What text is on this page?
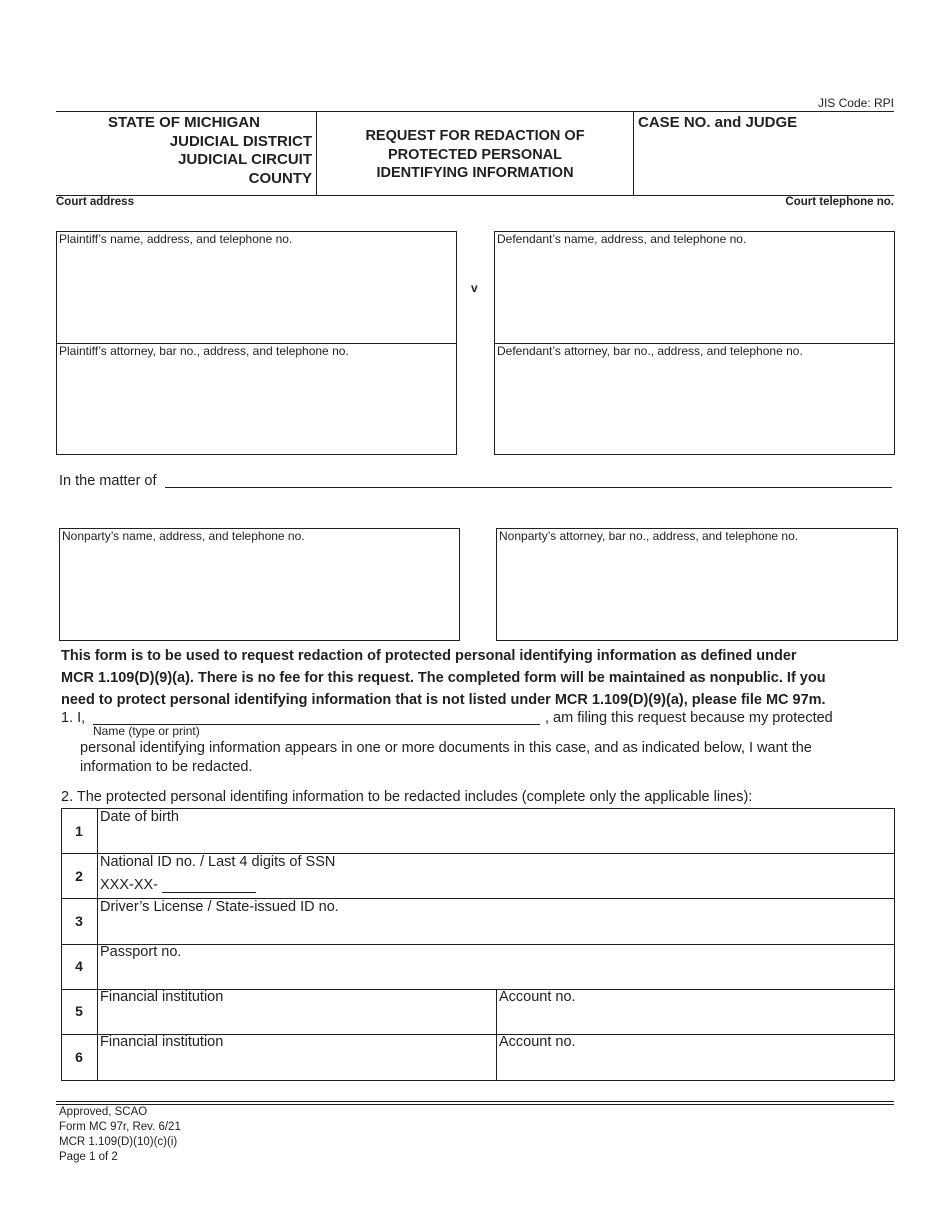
JIS Code: RPI
STATE OF MICHIGAN
JUDICIAL DISTRICT
JUDICIAL CIRCUIT
COUNTY
REQUEST FOR REDACTION OF
PROTECTED PERSONAL
IDENTIFYING INFORMATION
CASE NO. and JUDGE
Court address	Court telephone no.
Plaintiff’s name, address, and telephone no.
Plaintiff’s attorney, bar no., address, and telephone no.
v
Defendant’s name, address, and telephone no.
Defendant’s attorney, bar no., address, and telephone no.
In the matter of
Nonparty’s name, address, and telephone no.	Nonparty’s attorney, bar no., address, and telephone no.
This form is to be used to request redaction of protected personal identifying information as defined under
MCR 1.109(D)(9)(a). There is no fee for this request. The completed form will be maintained as nonpublic. If you
need to protect personal identifying information that is not listed under MCR 1.109(D)(9)(a), please file MC 97m.
1. I,
Name (type or print)
, am filing this request because my protected
personal identifying information appears in one or more documents in this case, and as indicated below, I want the
information to be redacted.
2. The protected personal identifing information to be redacted includes (complete only the applicable lines):
1
Date of birth
2
National ID no. / Last 4 digits of SSN
XXX-XX-
3
Driver’s License / State-issued ID no.
4
Passport no.
5
Financial institution	Account no.
6
Financial institution	Account no.
Approved, SCAO
Form MC 97r, Rev. 6/21
MCR 1.109(D)(10)(c)(i)
Page 1 of 2
